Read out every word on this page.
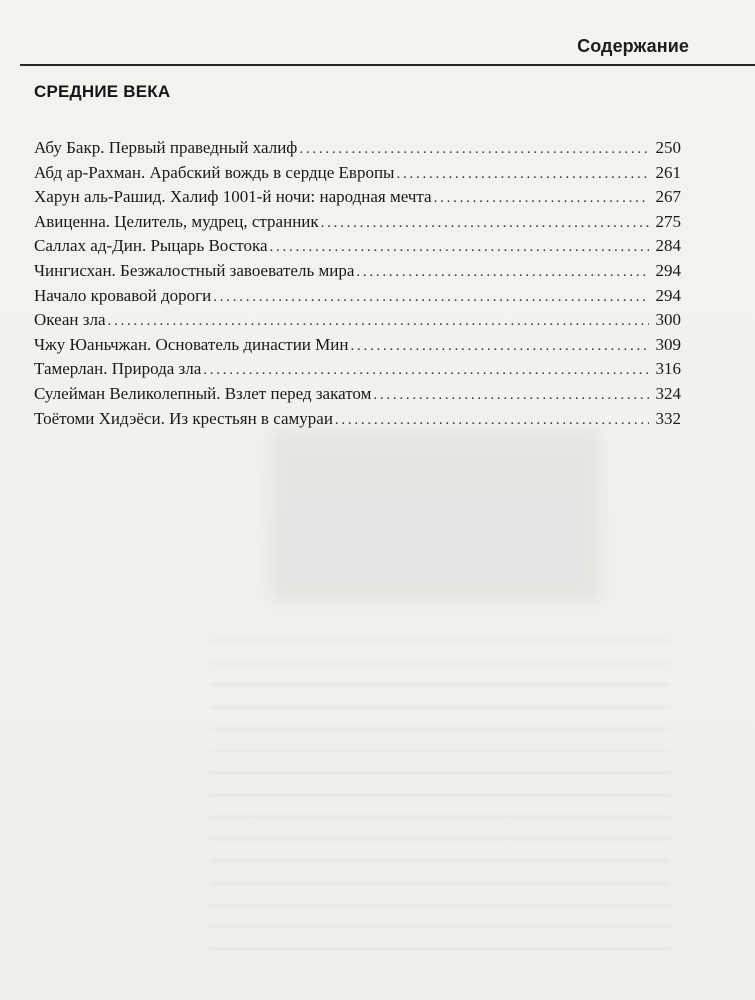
Содержание
СРЕДНИЕ ВЕКА
Абу Бакр. Первый праведный халиф . . .	250
Абд ар-Рахман. Арабский вождь в сердце Европы . . .	261
Харун аль-Рашид. Халиф 1001-й ночи: народная мечта . . .	267
Авиценна. Целитель, мудрец, странник . . .	275
Саллах ад-Дин. Рыцарь Востока . . .	284
Чингисхан. Безжалостный завоеватель мира . . .	294
Начало кровавой дороги . . .	294
Океан зла . . .	300
Чжу Юаньчжан. Основатель династии Мин . . .	309
Тамерлан. Природа зла . . .	316
Сулейман Великолепный. Взлет перед закатом . . .	324
Тоётоми Хидэёси. Из крестьян в самураи . . .	332
